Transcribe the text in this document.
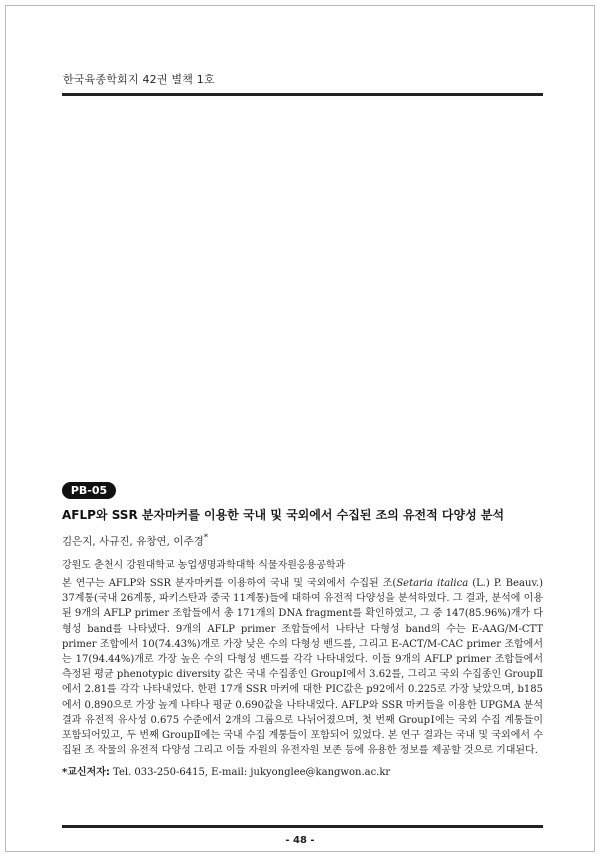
한국육종학회지 42권 별책 1호
PB-05
AFLP와 SSR 분자마커를 이용한 국내 및 국외에서 수집된 조의 유전적 다양성 분석
김은지, 사규진, 유창연, 이주경*
강원도 춘천시 강원대학교 농업생명과학대학 식물자원응용공학과

본 연구는 AFLP와 SSR 분자마커를 이용하여 국내 및 국외에서 수집된 조(Setaria italica (L.) P. Beauv.) 37계통(국내 26계통, 파키스탄과 중국 11계통)들에 대하여 유전적 다양성을 분석하였다. 그 결과, 분석에 이용된 9개의 AFLP primer 조합들에서 총 171개의 DNA fragment를 확인하였고, 그 중 147(85.96%)개가 다형성 band를 나타냈다. 9개의 AFLP primer 조합들에서 나타난 다형성 band의 수는 E-AAG/M-CTT primer 조합에서 10(74.43%)개로 가장 낮은 수의 다형성 밴드를, 그리고 E-ACT/M-CAC primer 조합에서는 17(94.44%)개로 가장 높은 수의 다형성 밴드를 각각 나타내었다. 이들 9개의 AFLP primer 조합들에서 측정된 평균 phenotypic diversity 값은 국내 수집종인 GroupⅠ에서 3.62를, 그리고 국외 수집종인 GroupⅡ에서 2.81를 각각 나타내었다. 한편 17개 SSR 마커에 대한 PIC값은 p92에서 0.225로 가장 낮았으며, b185에서 0.890으로 가장 높게 나타나 평균 0.690값을 나타내었다. AFLP와 SSR 마커들을 이용한 UPGMA 분석 결과 유전적 유사성 0.675 수준에서 2개의 그룹으로 나뉘어졌으며, 첫 번째 GroupⅠ에는 국외 수집 계통들이 포함되어있고, 두 번째 GroupⅡ에는 국내 수집 계통들이 포함되어 있었다. 본 연구 결과는 국내 및 국외에서 수집된 조 작물의 유전적 다양성 그리고 이들 자원의 유전자원 보존 등에 유용한 정보를 제공할 것으로 기대된다.

*교신저자: Tel. 033-250-6415, E-mail: jukyonglee@kangwon.ac.kr
- 48 -
